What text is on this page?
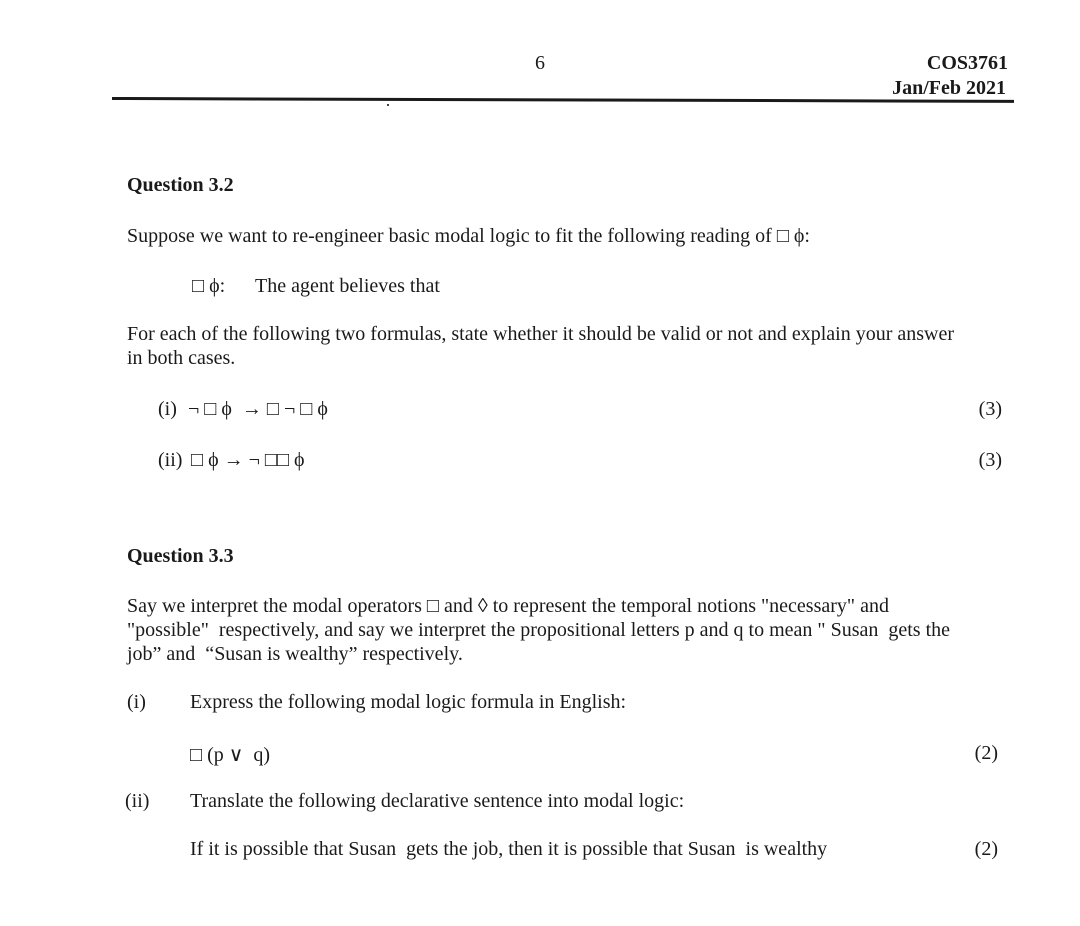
6	COS3761
Jan/Feb 2021
Question 3.2
Suppose we want to re-engineer basic modal logic to fit the following reading of □ ϕ:
□ ϕ: The agent believes that
For each of the following two formulas, state whether it should be valid or not and explain your answer
in both cases.
(i) ¬ □ ϕ  → □ ¬ □ ϕ	(3)
(ii) □ ϕ → ¬ □□ ϕ	(3)
Question 3.3
Say we interpret the modal operators □ and ◊ to represent the temporal notions "necessary" and
"possible"  respectively, and say we interpret the propositional letters p and q to mean " Susan  gets the
job” and  “Susan is wealthy” respectively.
(i) Express the following modal logic formula in English:
□ (p ∨  q)	(2)
(ii) Translate the following declarative sentence into modal logic:
If it is possible that Susan  gets the job, then it is possible that Susan  is wealthy	(2)
